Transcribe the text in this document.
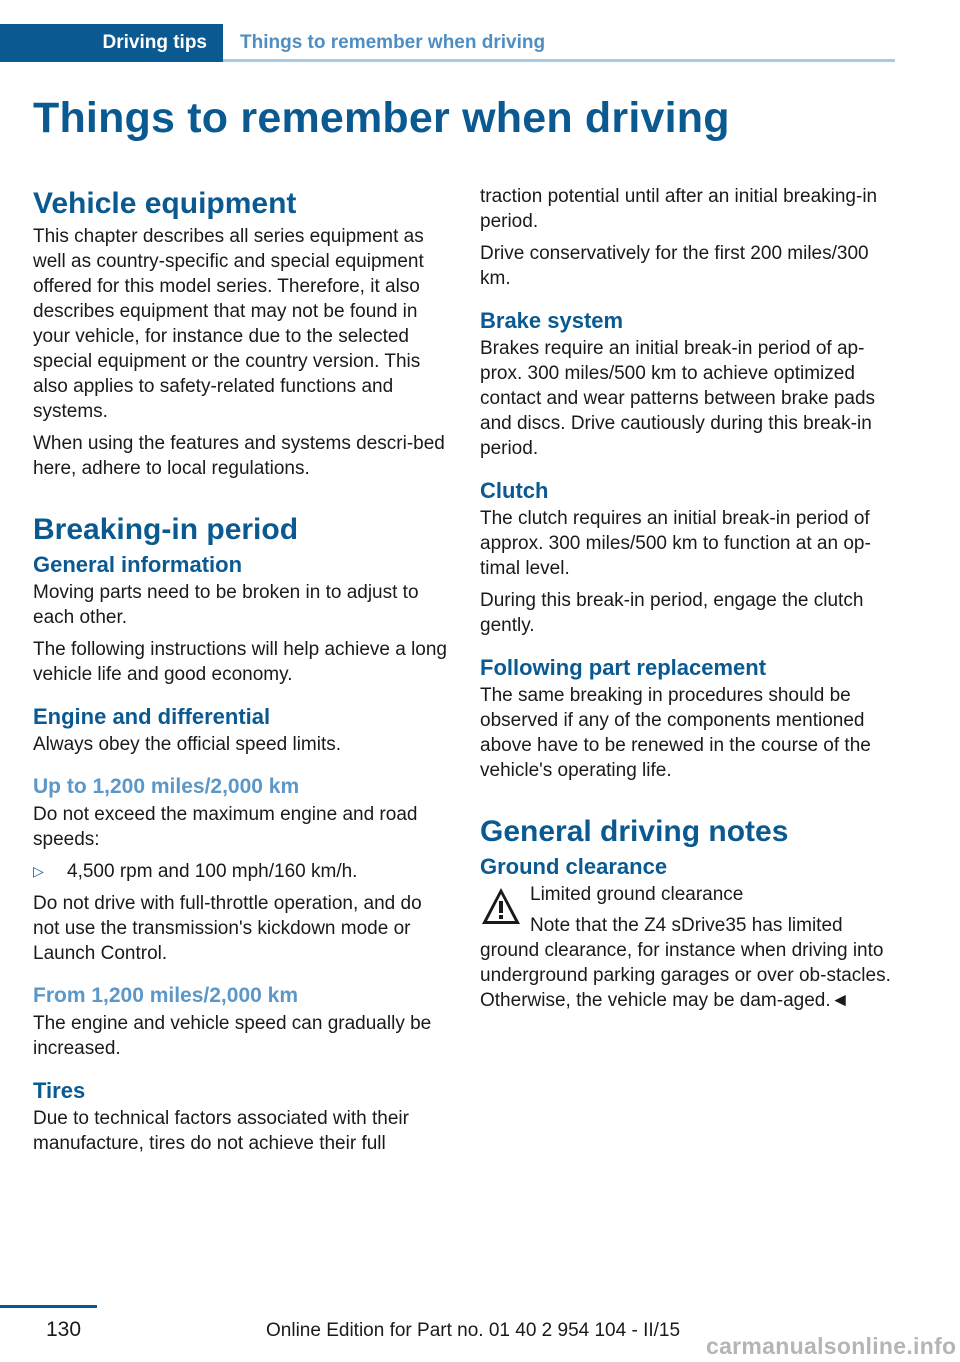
Driving tips	Things to remember when driving
Things to remember when driving
Vehicle equipment

This chapter describes all series equipment as well as country-specific and special equipment offered for this model series. Therefore, it also describes equipment that may not be found in your vehicle, for instance due to the selected special equipment or the country version. This also applies to safety-related functions and systems.

When using the features and systems descri-bed here, adhere to local regulations.

Breaking-in period
General information

Moving parts need to be broken in to adjust to each other.

The following instructions will help achieve a long vehicle life and good economy.

Engine and differential

Always obey the official speed limits.

Up to 1,200 miles/2,000 km

Do not exceed the maximum engine and road speeds:

▷	4,500 rpm and 100 mph/160 km/h.

Do not drive with full-throttle operation, and do not use the transmission's kickdown mode or Launch Control.

From 1,200 miles/2,000 km

The engine and vehicle speed can gradually be increased.

Tires

Due to technical factors associated with their manufacture, tires do not achieve their full

traction potential until after an initial breaking-in period.

Drive conservatively for the first 200 miles/300 km.

Brake system

Brakes require an initial break-in period of ap-prox. 300 miles/500 km to achieve optimized contact and wear patterns between brake pads and discs. Drive cautiously during this break-in period.

Clutch

The clutch requires an initial break-in period of approx. 300 miles/500 km to function at an op-timal level.

During this break-in period, engage the clutch gently.

Following part replacement

The same breaking in procedures should be observed if any of the components mentioned above have to be renewed in the course of the vehicle's operating life.

General driving notes
Ground clearance

Limited ground clearance

Note that the Z4 sDrive35 has limited ground clearance, for instance when driving into underground parking garages or over ob-stacles. Otherwise, the vehicle may be dam-aged.◄

130	Online Edition for Part no. 01 40 2 954 104 - II/15
carmanualsonline.info
